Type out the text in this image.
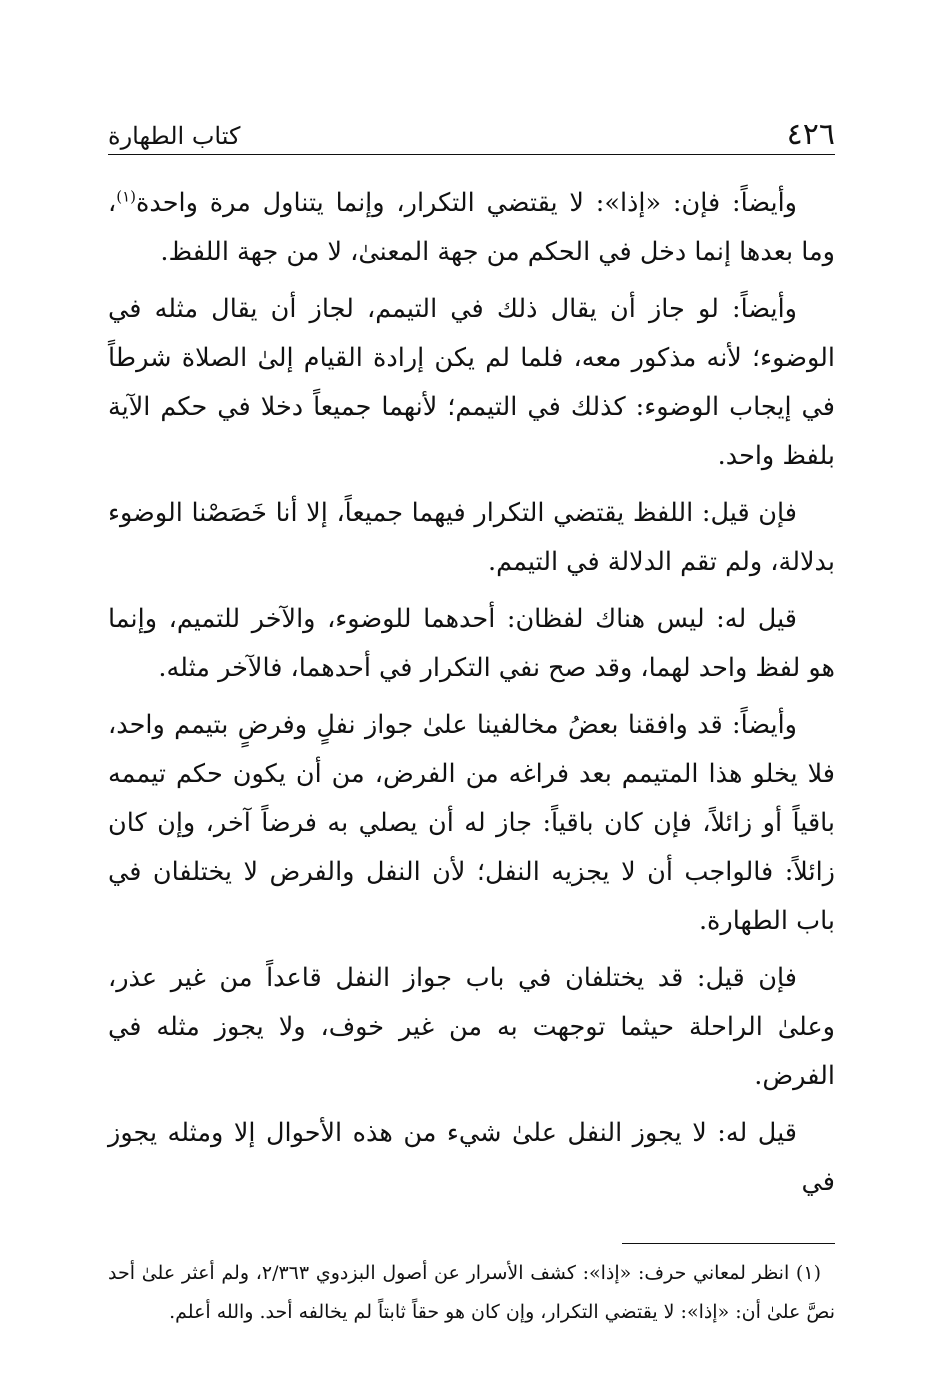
٤٢٦
كتاب الطهارة

وأيضاً: فإن: «إذا»: لا يقتضي التكرار، وإنما يتناول مرة واحدة$^{(١)}$، وما بعدها إنما دخل في الحكم من جهة المعنىٰ، لا من جهة اللفظ.

وأيضاً: لو جاز أن يقال ذلك في التيمم، لجاز أن يقال مثله في الوضوء؛ لأنه مذكور معه، فلما لم يكن إرادة القيام إلىٰ الصلاة شرطاً في إيجاب الوضوء: كذلك في التيمم؛ لأنهما جميعاً دخلا في حكم الآية بلفظ واحد.

فإن قيل: اللفظ يقتضي التكرار فيهما جميعاً، إلا أنا خَصَصْنا الوضوء بدلالة، ولم تقم الدلالة في التيمم.

قيل له: ليس هناك لفظان: أحدهما للوضوء، والآخر للتميم، وإنما هو لفظ واحد لهما، وقد صح نفي التكرار في أحدهما، فالآخر مثله.

وأيضاً: قد وافقنا بعضُ مخالفينا علىٰ جواز نفلٍ وفرضٍ بتيمم واحد، فلا يخلو هذا المتيمم بعد فراغه من الفرض، من أن يكون حكم تيممه باقياً أو زائلاً، فإن كان باقياً: جاز له أن يصلي به فرضاً آخر، وإن كان زائلاً: فالواجب أن لا يجزيه النفل؛ لأن النفل والفرض لا يختلفان في باب الطهارة.

فإن قيل: قد يختلفان في باب جواز النفل قاعداً من غير عذر، وعلىٰ الراحلة حيثما توجهت به من غير خوف، ولا يجوز مثله في الفرض.

قيل له: لا يجوز النفل علىٰ شيء من هذه الأحوال إلا ومثله يجوز في

(١) انظر لمعاني حرف: «إذا»: كشف الأسرار عن أصول البزدوي ٢/٣٦٣، ولم أعثر علىٰ أحد نصَّ علىٰ أن: «إذا»: لا يقتضي التكرار، وإن كان هو حقاً ثابتاً لم يخالفه أحد. والله أعلم.
